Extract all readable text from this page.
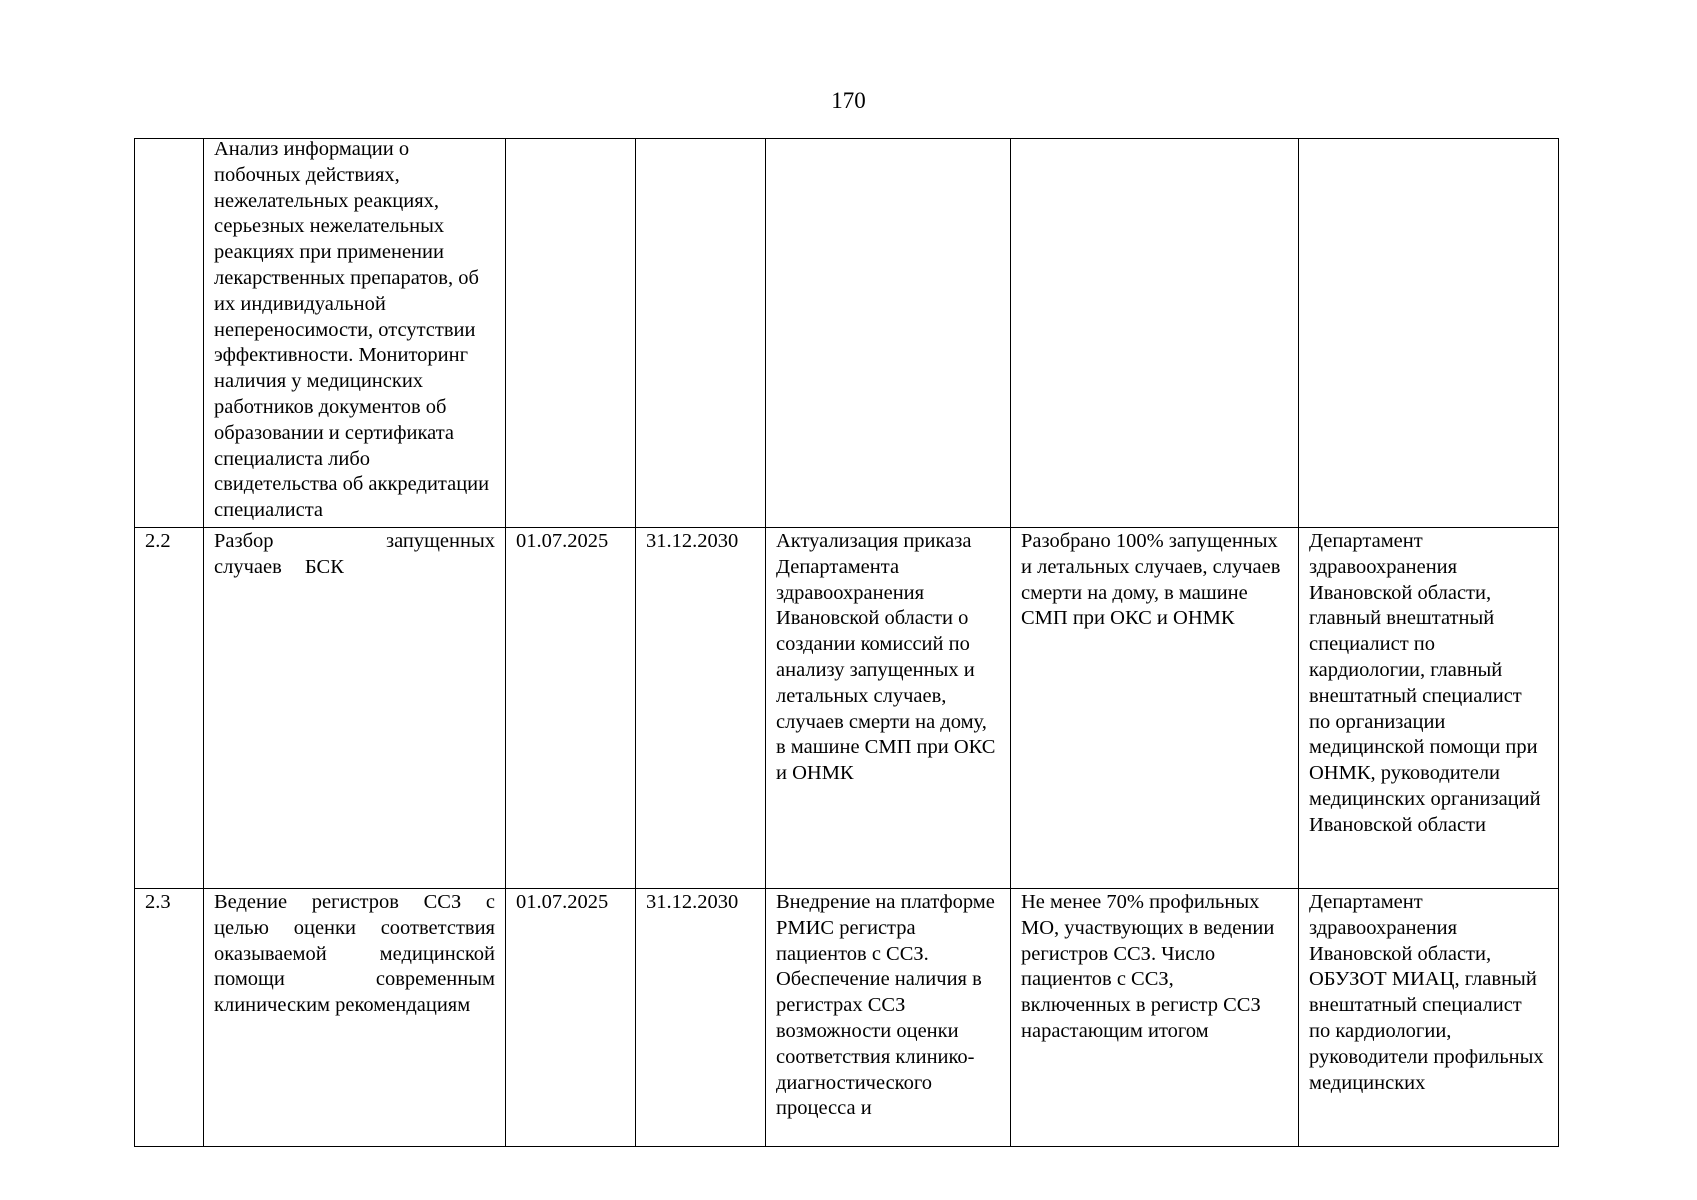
170

	Анализ информации о побочных действиях, нежелательных реакциях, серьезных нежелательных реакциях при применении лекарственных препаратов, об их индивидуальной непереносимости, отсутствии эффективности. Мониторинг наличия у медицинских работников документов об образовании и сертификата специалиста либо свидетельства об аккредитации специалиста					

2.2	Разбор запущенных случаев БСК	01.07.2025	31.12.2030	Актуализация приказа Департамента здравоохранения Ивановской области о создании комиссий по анализу запущенных и летальных случаев, случаев смерти на дому, в машине СМП при ОКС и ОНМК	Разобрано 100% запущенных и летальных случаев, случаев смерти на дому, в машине СМП при ОКС и ОНМК	Департамент здравоохранения Ивановской области, главный внештатный специалист по кардиологии, главный внештатный специалист по организации медицинской помощи при ОНМК, руководители медицинских организаций Ивановской области

2.3	Ведение регистров ССЗ с целью оценки соответствия оказываемой медицинской помощи современным клиническим рекомендациям	01.07.2025	31.12.2030	Внедрение на платформе РМИС регистра пациентов с ССЗ. Обеспечение наличия в регистрах ССЗ возможности оценки соответствия клинико-диагностического процесса и	Не менее 70% профильных МО, участвующих в ведении регистров ССЗ. Число пациентов с ССЗ, включенных в регистр ССЗ нарастающим итогом	Департамент здравоохранения Ивановской области, ОБУЗОТ МИАЦ, главный внештатный специалист по кардиологии, руководители профильных медицинских
